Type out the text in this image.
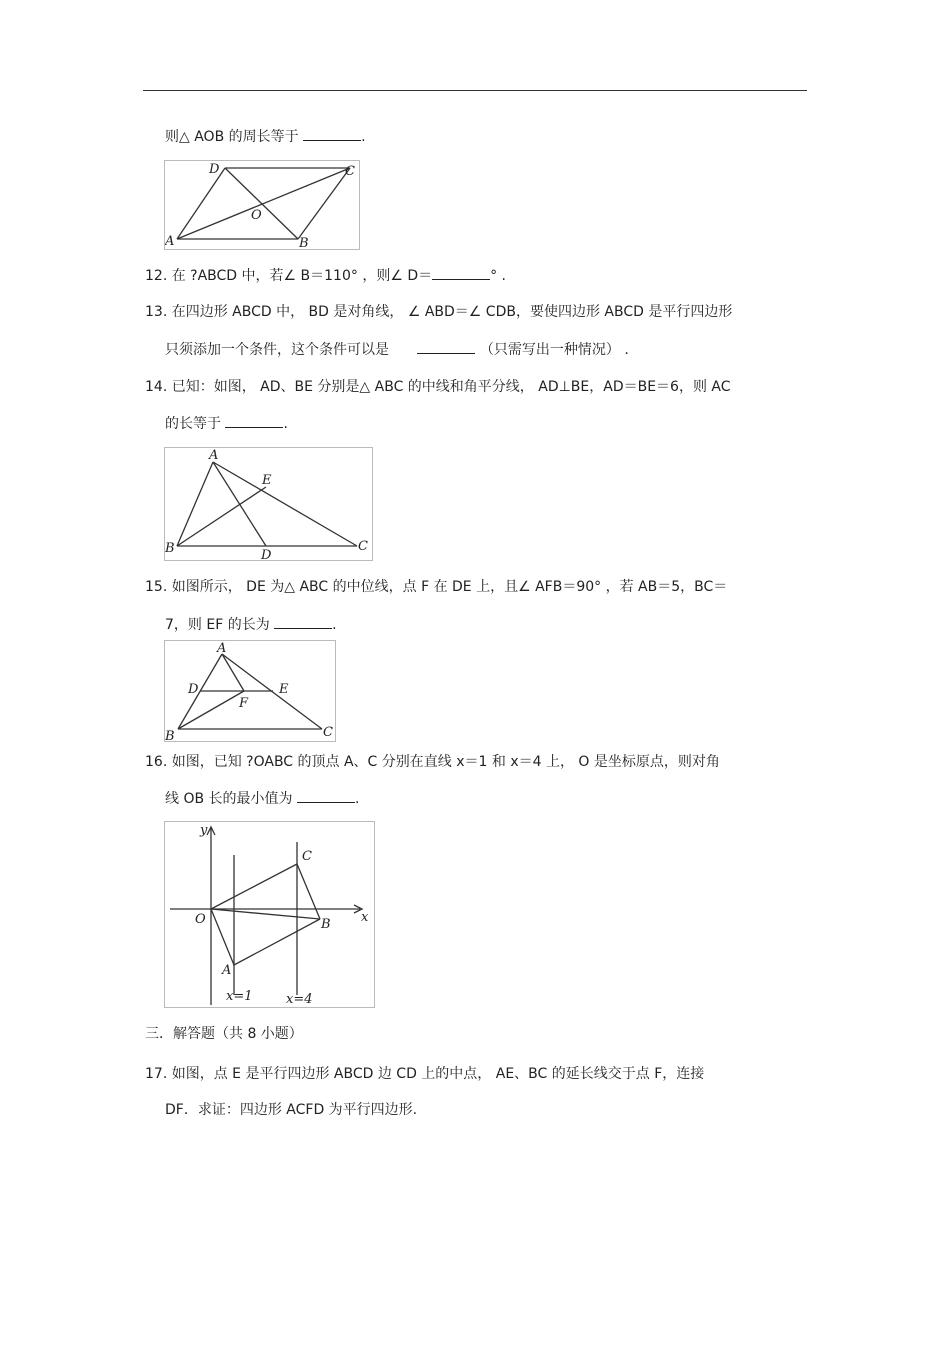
则△ AOB 的周长等于	.
D	C
O
A	B
12. 在 ?ABCD 中，若∠ B＝110° ，则∠ D＝	° .
13. 在四边形 ABCD 中， BD 是对角线， ∠ ABD＝∠ CDB，要使四边形 ABCD 是平行四边形
只须添加一个条件，这个条件可以是	（只需写出一种情况） .
14. 已知：如图， AD、BE 分别是△ ABC 的中线和角平分线， AD⊥BE，AD＝BE＝6，则 AC
的长等于	.
A
E
B	D
C
15. 如图所示， DE 为△ ABC 的中位线，点 F 在 DE 上，且∠ AFB＝90° ，若 AB＝5，BC＝
7，则 EF 的长为	.
A
D	E
F
B	C
16. 如图，已知 ?OABC 的顶点 A、C 分别在直线 x＝1 和 x＝4 上， O 是坐标原点，则对角
线 OB 长的最小值为	.
y
x
O
C
B
A
x=1	x=4
三．解答题（共 8 小题）
17. 如图，点 E 是平行四边形 ABCD 边 CD 上的中点， AE、BC 的延长线交于点 F，连接
DF．求证：四边形 ACFD 为平行四边形.
